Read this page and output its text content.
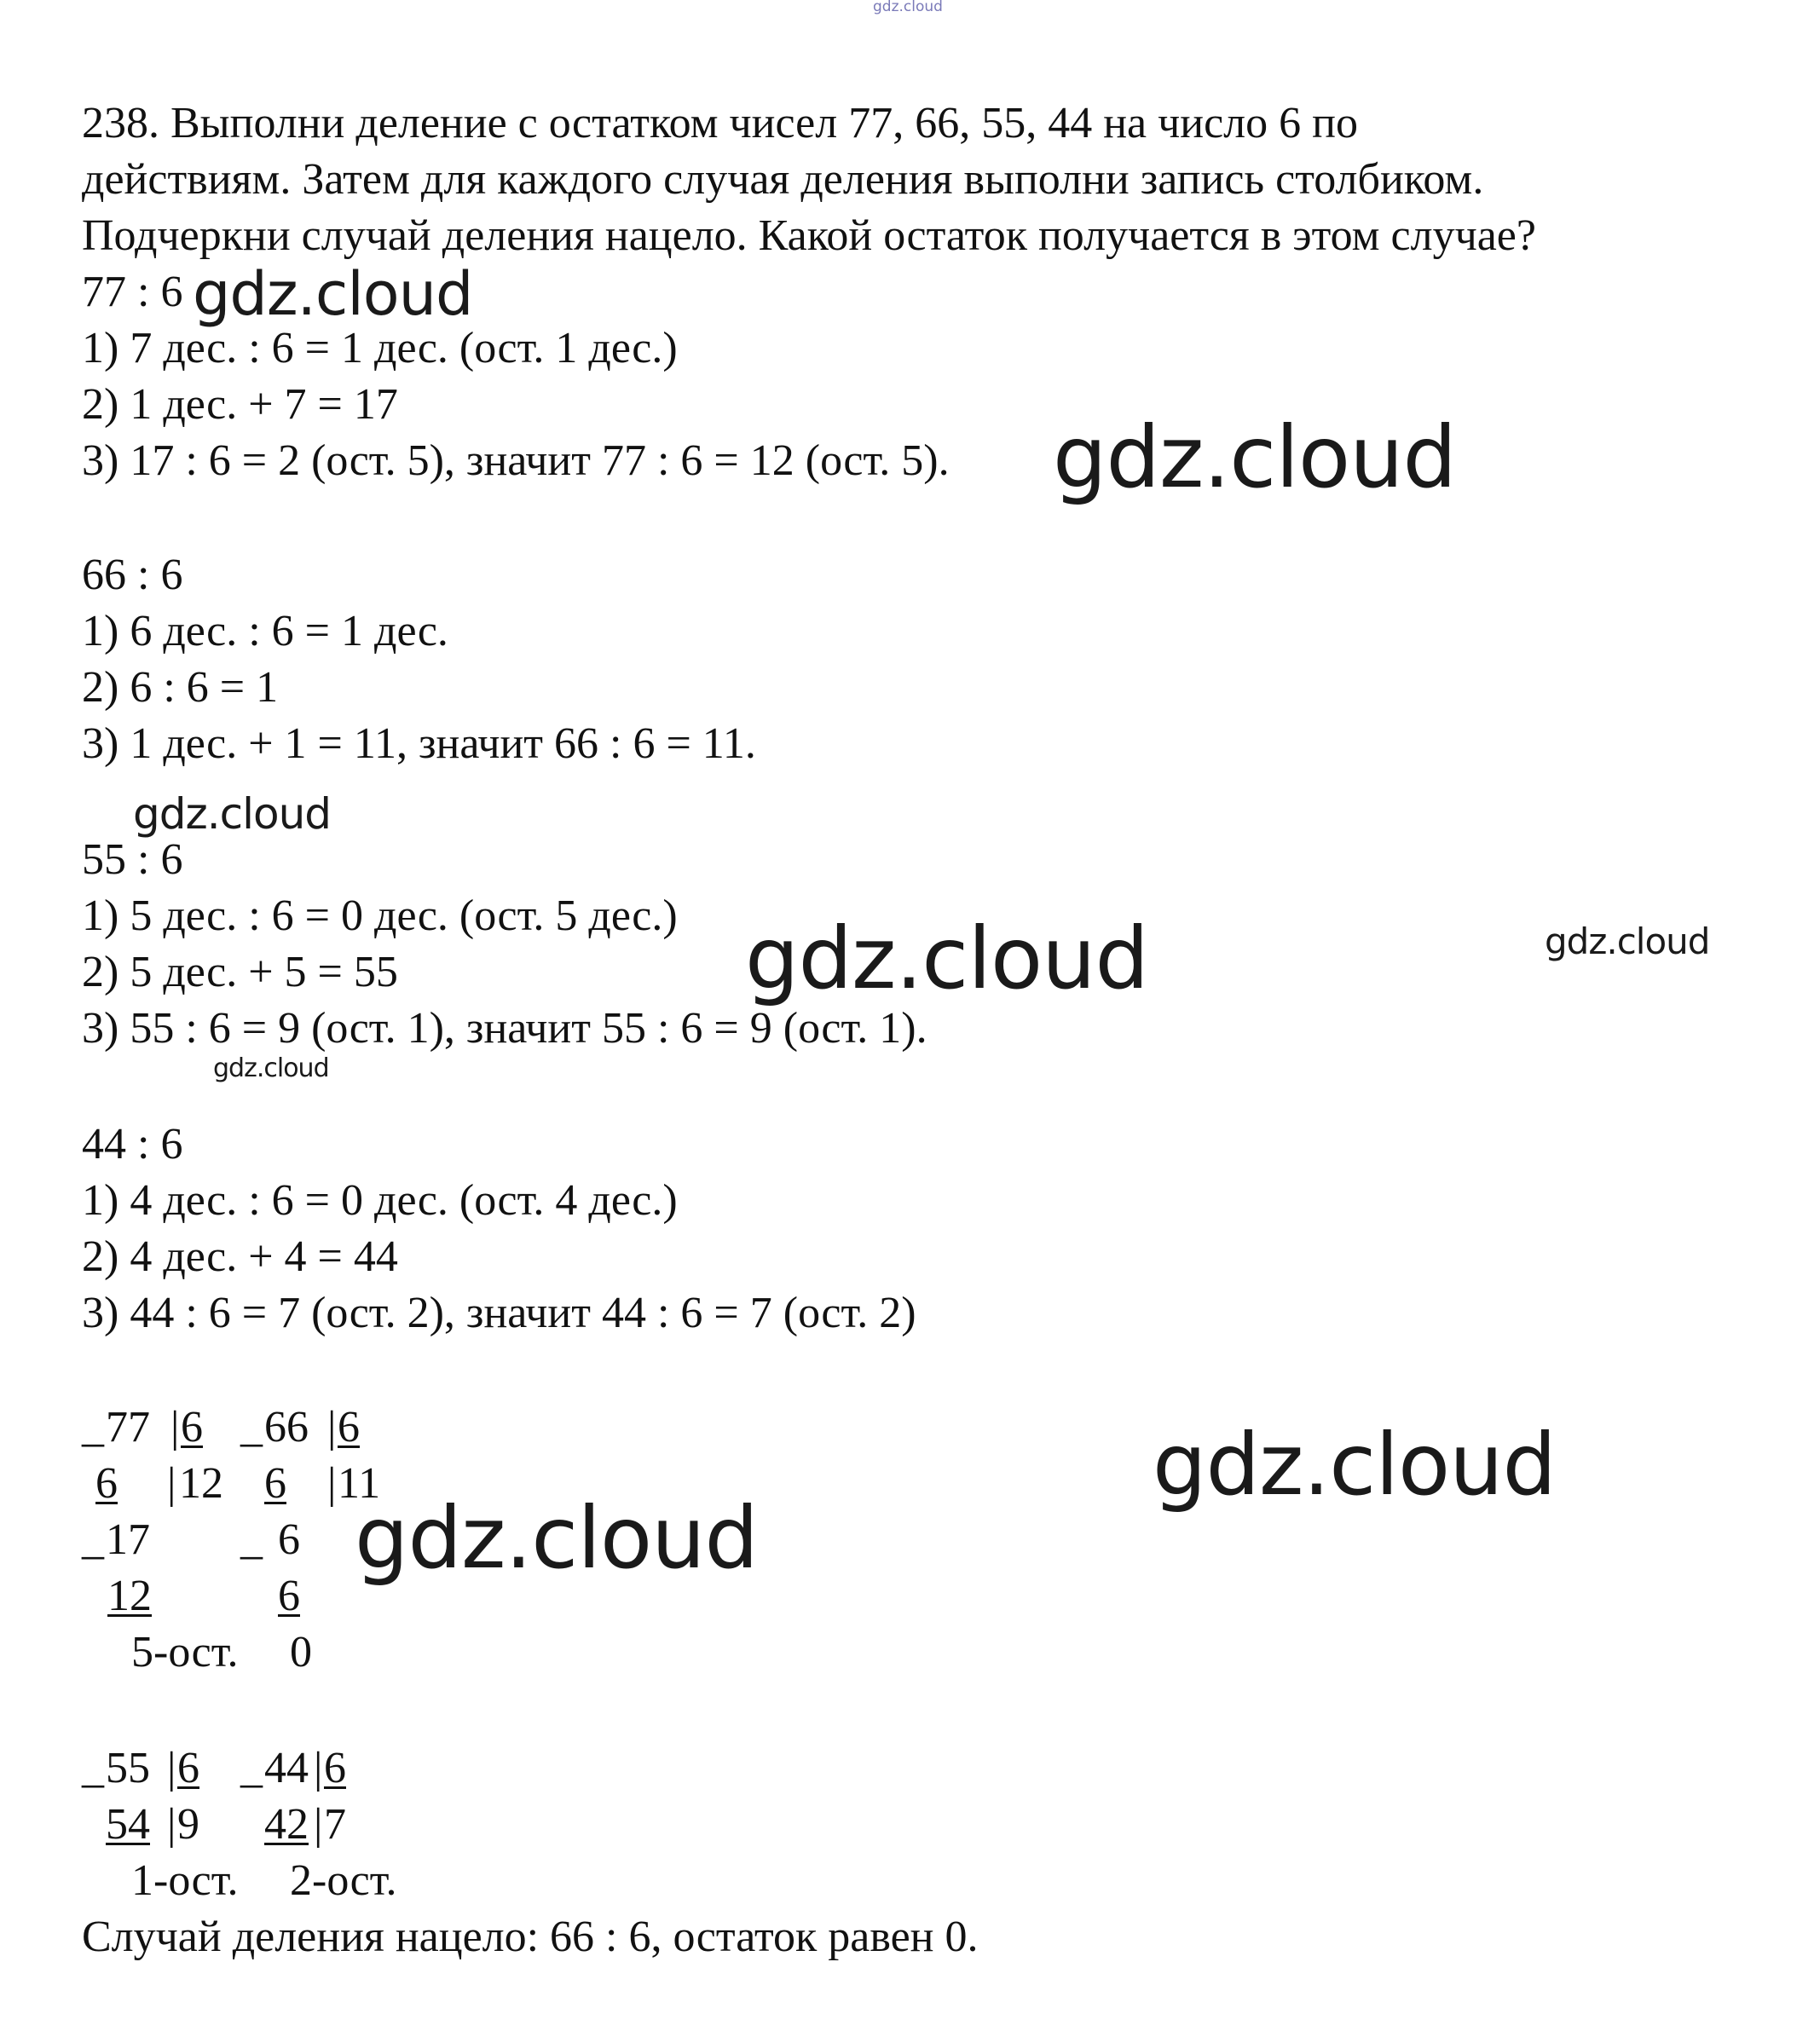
gdz.cloud
gdz.cloud
gdz.cloud
gdz.cloud
gdz.cloud	gdz.cloud
gdz.cloud
gdz.cloud
gdz.cloud

238. Выполни деление с остатком чисел 77, 66, 55, 44 на число 6 по

действиям. Затем для каждого случая деления выполни запись столбиком.

Подчеркни случай деления нацело. Какой остаток получается в этом случае?

77 : 6

1) 7 дес. : 6 = 1 дес. (ост. 1 дес.)

2) 1 дес. + 7 = 17

3) 17 : 6 = 2 (ост. 5), значит 77 : 6 = 12 (ост. 5).

66 : 6

1) 6 дес. : 6 = 1 дес.

2) 6 : 6 = 1

3) 1 дес. + 1 = 11, значит 66 : 6 = 11.

55 : 6

1) 5 дес. : 6 = 0 дес. (ост. 5 дес.)

2) 5 дес. + 5 = 55

3) 55 : 6 = 9 (ост. 1), значит 55 : 6 = 9 (ост. 1).

44 : 6

1) 4 дес. : 6 = 0 дес. (ост. 4 дес.)

2) 4 дес. + 4 = 44

3) 44 : 6 = 7 (ост. 2), значит 44 : 6 = 7 (ост. 2)

_ 77 | 6
6 | 12
_ 17
12
5-ост.
_ 66 | 6
6 | 11
_ 6
6
0
_ 55 | 6
54 | 9
1-ост.
_ 44 | 6
42 | 7
2-ост.

Случай деления нацело: 66 : 6, остаток равен 0.
